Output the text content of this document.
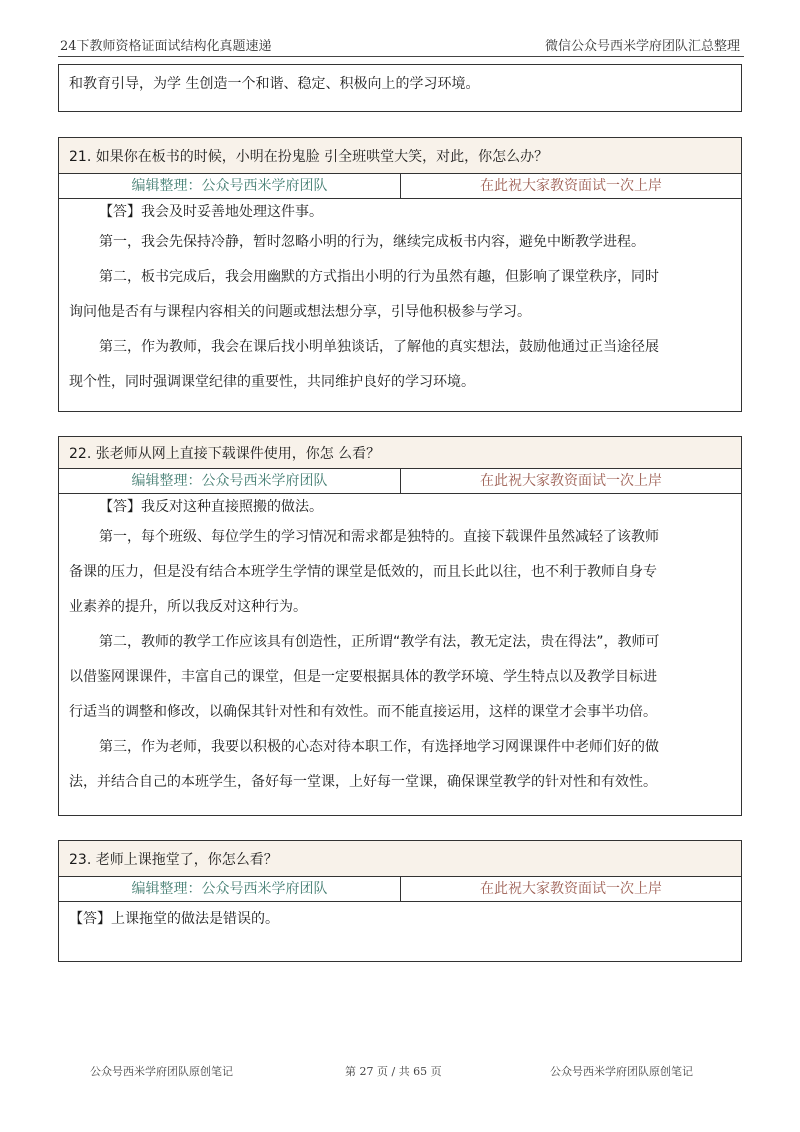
24下教师资格证面试结构化真题速递	微信公众号西米学府团队汇总整理
和教育引导，为学 生创造一个和谐、稳定、积极向上的学习环境。
21. 如果你在板书的时候，小明在扮鬼脸 引全班哄堂大笑，对此，你怎么办？
编辑整理：公众号西米学府团队	在此祝大家教资面试一次上岸
【答】我会及时妥善地处理这件事。
第一，我会先保持冷静，暂时忽略小明的行为，继续完成板书内容，避免中断教学进程。
第二，板书完成后，我会用幽默的方式指出小明的行为虽然有趣，但影响了课堂秩序，同时
询问他是否有与课程内容相关的问题或想法想分享，引导他积极参与学习。
第三，作为教师，我会在课后找小明单独谈话，了解他的真实想法，鼓励他通过正当途径展
现个性，同时强调课堂纪律的重要性，共同维护良好的学习环境。
22. 张老师从网上直接下载课件使用，你怎 么看？
编辑整理：公众号西米学府团队	在此祝大家教资面试一次上岸
【答】我反对这种直接照搬的做法。
第一，每个班级、每位学生的学习情况和需求都是独特的。直接下载课件虽然减轻了该教师
备课的压力，但是没有结合本班学生学情的课堂是低效的，而且长此以往，也不利于教师自身专
业素养的提升，所以我反对这种行为。
第二，教师的教学工作应该具有创造性，正所谓“教学有法，教无定法，贵在得法”，教师可
以借鉴网课课件，丰富自己的课堂，但是一定要根据具体的教学环境、学生特点以及教学目标进
行适当的调整和修改，以确保其针对性和有效性。而不能直接运用，这样的课堂才会事半功倍。
第三，作为老师，我要以积极的心态对待本职工作，有选择地学习网课课件中老师们好的做
法，并结合自己的本班学生，备好每一堂课，上好每一堂课，确保课堂教学的针对性和有效性。
23. 老师上课拖堂了，你怎么看？
编辑整理：公众号西米学府团队	在此祝大家教资面试一次上岸
【答】上课拖堂的做法是错误的。
公众号西米学府团队原创笔记	第 27 页 / 共 65 页	公众号西米学府团队原创笔记
